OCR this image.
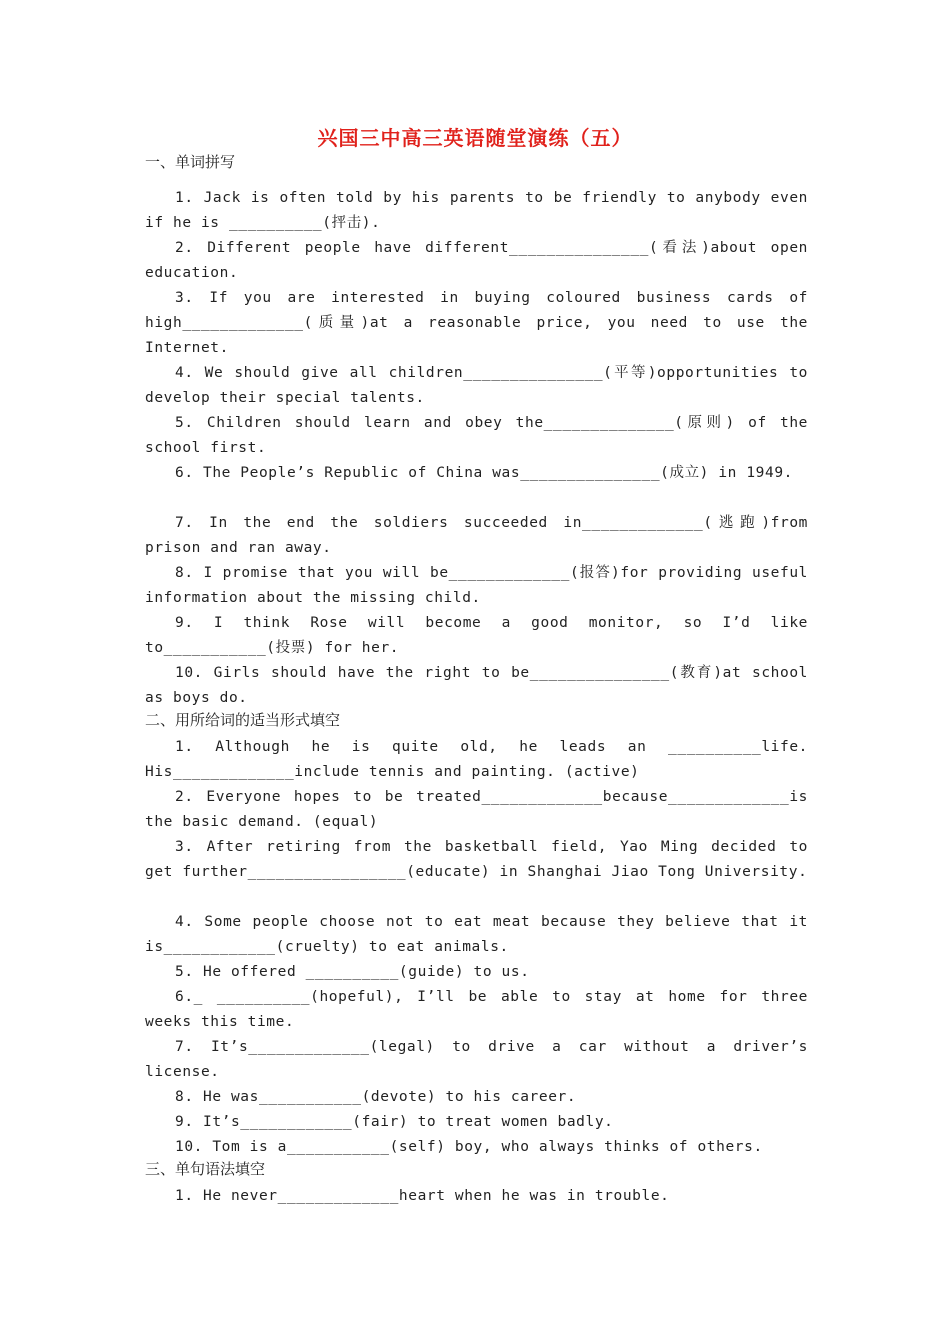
兴国三中高三英语随堂演练（五）
一、单词拼写
1. Jack is often told by his parents to be friendly to anybody even if he is __________(抨击).
2. Different people have different_______________(看法)about open education.
3. If you are interested in buying coloured business cards of high_____________(质量)at a reasonable price, you need to use the Internet.
4. We should give all children_______________(平等)opportunities to develop their special talents.
5. Children should learn and obey the______________(原则) of the school first.
6. The People’s Republic of China was_______________(成立) in 1949.
7. In the end the soldiers succeeded in_____________(逃跑)from prison and ran away.
8. I promise that you will be_____________(报答)for providing useful information about the missing child.
9. I think Rose will become a good monitor, so I’d like to___________(投票) for her.
10. Girls should have the right to be_______________(教育)at school as boys do.
二、用所给词的适当形式填空
1. Although he is quite old, he leads an __________life. His_____________include tennis and painting. (active)
2. Everyone hopes to be treated_____________because_____________is the basic demand. (equal)
3. After retiring from the basketball field, Yao Ming decided to get further_________________(educate) in Shanghai Jiao Tong University.
4. Some people choose not to eat meat because they believe that it is____________(cruelty) to eat animals.
5. He offered __________(guide) to us.
6._ __________(hopeful), I’ll be able to stay at home for three weeks this time.
7. It’s_____________(legal) to drive a car without a driver’s license.
8. He was___________(devote) to his career.
9. It’s____________(fair) to treat women badly.
10. Tom is a___________(self) boy, who always thinks of others.
三、单句语法填空
1. He never_____________heart when he was in trouble.
